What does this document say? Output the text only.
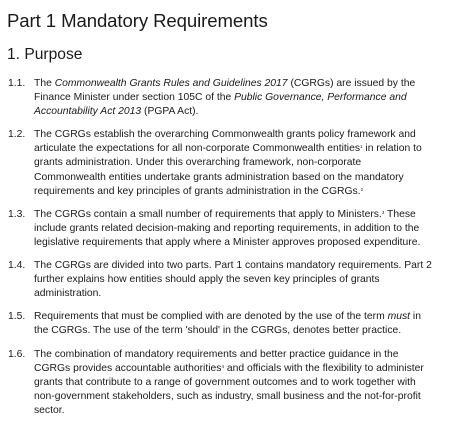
Part 1 Mandatory Requirements
1. Purpose
1.1. The Commonwealth Grants Rules and Guidelines 2017 (CGRGs) are issued by the
Finance Minister under section 105C of the Public Governance, Performance and
Accountability Act 2013 (PGPA Act).
1.2. The CGRGs establish the overarching Commonwealth grants policy framework and
articulate the expectations for all non-corporate Commonwealth entities$^1$ in relation to
grants administration. Under this overarching framework, non-corporate
Commonwealth entities undertake grants administration based on the mandatory
requirements and key principles of grants administration in the CGRGs.$^2$
1.3. The CGRGs contain a small number of requirements that apply to Ministers.$^3$ These
include grants related decision-making and reporting requirements, in addition to the
legislative requirements that apply where a Minister approves proposed expenditure.
1.4. The CGRGs are divided into two parts. Part 1 contains mandatory requirements. Part 2
further explains how entities should apply the seven key principles of grants
administration.
1.5. Requirements that must be complied with are denoted by the use of the term must in
the CGRGs. The use of the term 'should' in the CGRGs, denotes better practice.
1.6. The combination of mandatory requirements and better practice guidance in the
CGRGs provides accountable authorities$^4$ and officials with the flexibility to administer
grants that contribute to a range of government outcomes and to work together with
non-government stakeholders, such as industry, small business and the not-for-profit
sector.
